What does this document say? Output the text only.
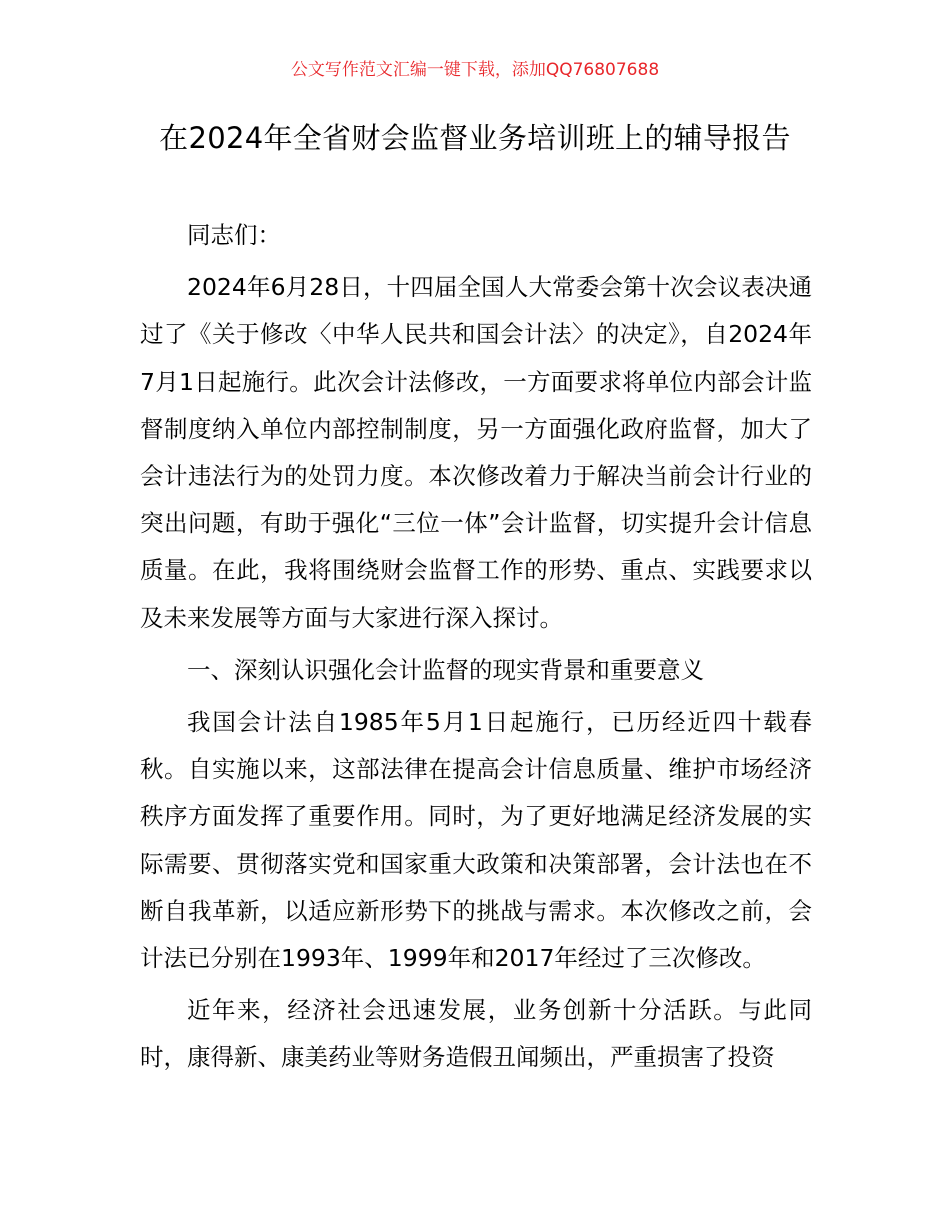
公文写作范文汇编一键下载，添加QQ76807688
在2024年全省财会监督业务培训班上的辅导报告

同志们：

2024年6月28日，十四届全国人大常委会第十次会议表决通过了《关于修改〈中华人民共和国会计法〉的决定》，自2024年7月1日起施行。此次会计法修改，一方面要求将单位内部会计监督制度纳入单位内部控制制度，另一方面强化政府监督，加大了会计违法行为的处罚力度。本次修改着力于解决当前会计行业的突出问题，有助于强化“三位一体”会计监督，切实提升会计信息质量。在此，我将围绕财会监督工作的形势、重点、实践要求以及未来发展等方面与大家进行深入探讨。

一、深刻认识强化会计监督的现实背景和重要意义

我国会计法自1985年5月1日起施行，已历经近四十载春秋。自实施以来，这部法律在提高会计信息质量、维护市场经济秩序方面发挥了重要作用。同时，为了更好地满足经济发展的实际需要、贯彻落实党和国家重大政策和决策部署，会计法也在不断自我革新，以适应新形势下的挑战与需求。本次修改之前，会计法已分别在1993年、1999年和2017年经过了三次修改。

近年来，经济社会迅速发展，业务创新十分活跃。与此同时，康得新、康美药业等财务造假丑闻频出，严重损害了投资
